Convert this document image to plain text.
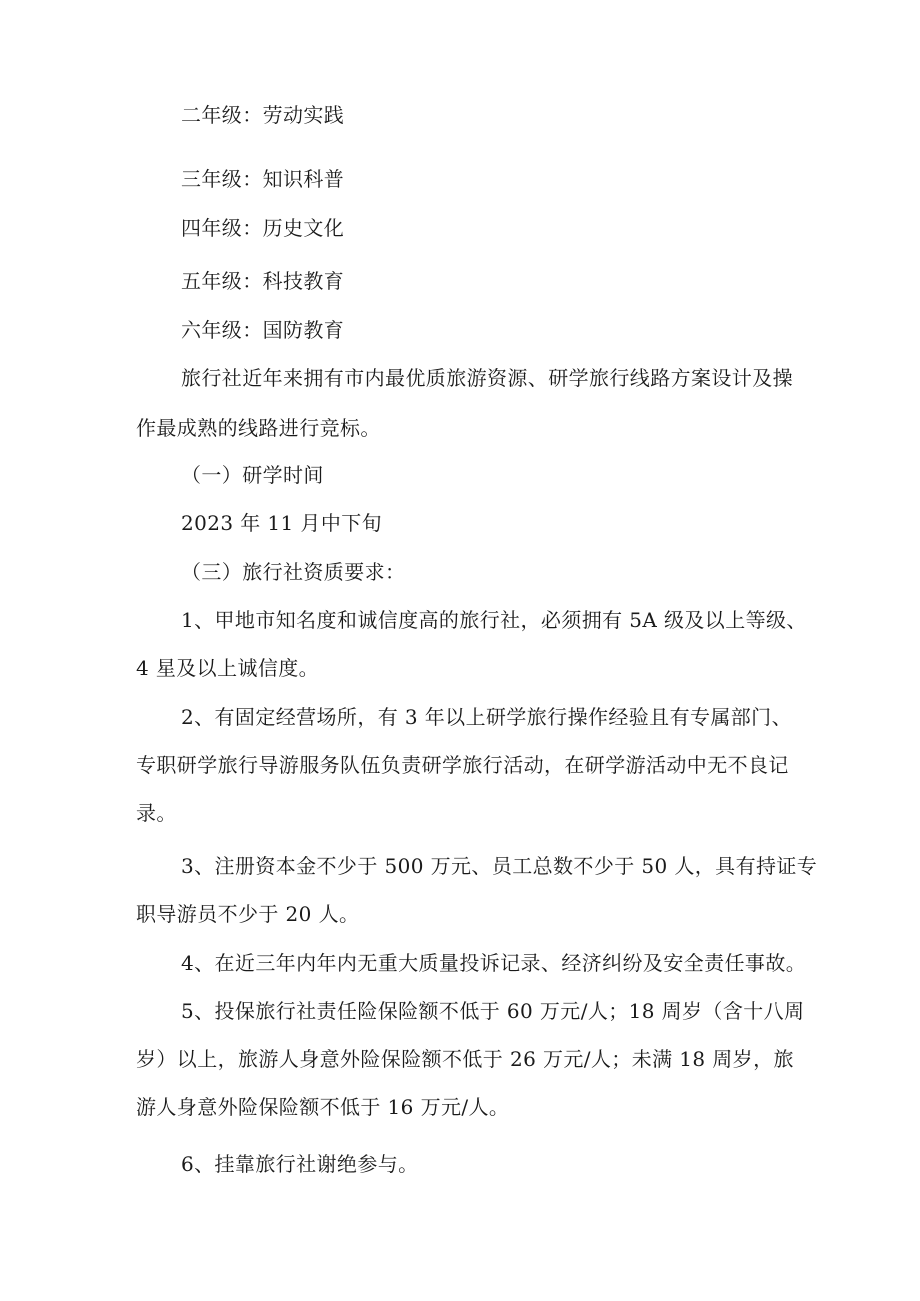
二年级：劳动实践
三年级：知识科普
四年级：历史文化
五年级：科技教育
六年级：国防教育
旅行社近年来拥有市内最优质旅游资源、研学旅行线路方案设计及操
作最成熟的线路进行竞标。
（一）研学时间
2023 年 11 月中下旬
（三）旅行社资质要求：
1、甲地市知名度和诚信度高的旅行社，必须拥有 5A 级及以上等级、
4 星及以上诚信度。
2、有固定经营场所，有 3 年以上研学旅行操作经验且有专属部门、
专职研学旅行导游服务队伍负责研学旅行活动，在研学游活动中无不良记
录。
3、注册资本金不少于 500 万元、员工总数不少于 50 人，具有持证专
职导游员不少于 20 人。
4、在近三年内年内无重大质量投诉记录、经济纠纷及安全责任事故。
5、投保旅行社责任险保险额不低于 60 万元/人；18 周岁（含十八周
岁）以上，旅游人身意外险保险额不低于 26 万元/人；未满 18 周岁，旅
游人身意外险保险额不低于 16 万元/人。
6、挂靠旅行社谢绝参与。
